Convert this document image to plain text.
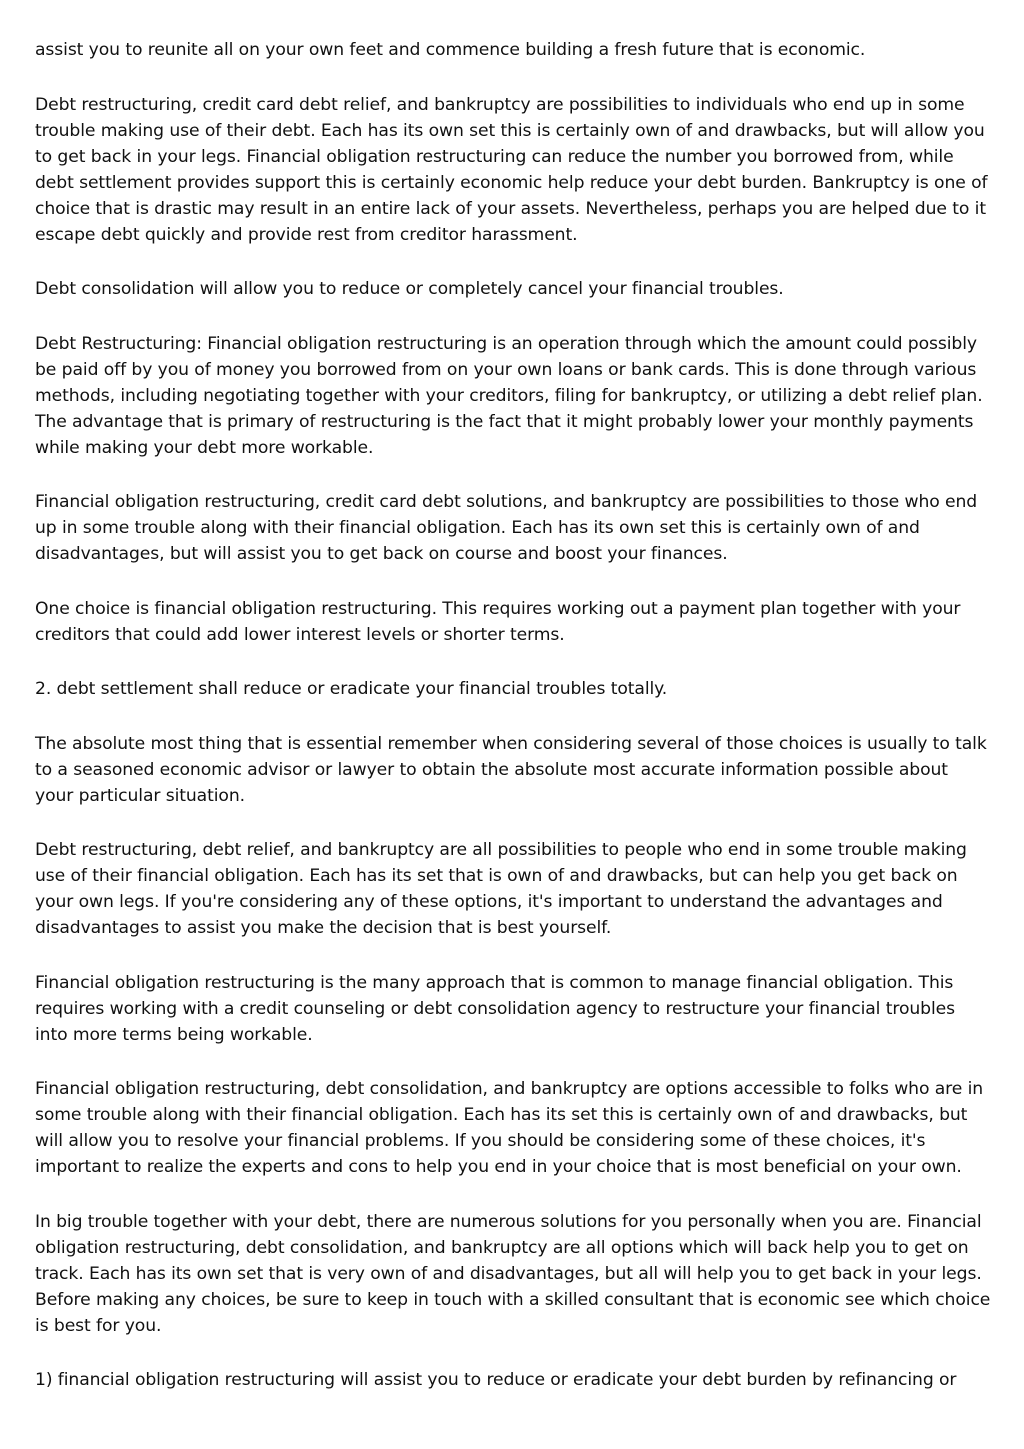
assist you to reunite all on your own feet and commence building a fresh future that is economic.

Debt restructuring, credit card debt relief, and bankruptcy are possibilities to individuals who end up in some trouble making use of their debt. Each has its own set this is certainly own of and drawbacks, but will allow you to get back in your legs. Financial obligation restructuring can reduce the number you borrowed from, while debt settlement provides support this is certainly economic help reduce your debt burden. Bankruptcy is one of choice that is drastic may result in an entire lack of your assets. Nevertheless, perhaps you are helped due to it escape debt quickly and provide rest from creditor harassment.

Debt consolidation will allow you to reduce or completely cancel your financial troubles.

Debt Restructuring: Financial obligation restructuring is an operation through which the amount could possibly be paid off by you of money you borrowed from on your own loans or bank cards. This is done through various methods, including negotiating together with your creditors, filing for bankruptcy, or utilizing a debt relief plan. The advantage that is primary of restructuring is the fact that it might probably lower your monthly payments while making your debt more workable.

Financial obligation restructuring, credit card debt solutions, and bankruptcy are possibilities to those who end up in some trouble along with their financial obligation. Each has its own set this is certainly own of and disadvantages, but will assist you to get back on course and boost your finances.

One choice is financial obligation restructuring. This requires working out a payment plan together with your creditors that could add lower interest levels or shorter terms.

2. debt settlement shall reduce or eradicate your financial troubles totally.

The absolute most thing that is essential remember when considering several of those choices is usually to talk to a seasoned economic advisor or lawyer to obtain the absolute most accurate information possible about your particular situation.

Debt restructuring, debt relief, and bankruptcy are all possibilities to people who end in some trouble making use of their financial obligation. Each has its set that is own of and drawbacks, but can help you get back on your own legs. If you're considering any of these options, it's important to understand the advantages and disadvantages to assist you make the decision that is best yourself.

Financial obligation restructuring is the many approach that is common to manage financial obligation. This requires working with a credit counseling or debt consolidation agency to restructure your financial troubles into more terms being workable.

Financial obligation restructuring, debt consolidation, and bankruptcy are options accessible to folks who are in some trouble along with their financial obligation. Each has its set this is certainly own of and drawbacks, but will allow you to resolve your financial problems. If you should be considering some of these choices, it's important to realize the experts and cons to help you end in your choice that is most beneficial on your own.

In big trouble together with your debt, there are numerous solutions for you personally when you are. Financial obligation restructuring, debt consolidation, and bankruptcy are all options which will back help you to get on track. Each has its own set that is very own of and disadvantages, but all will help you to get back in your legs. Before making any choices, be sure to keep in touch with a skilled consultant that is economic see which choice is best for you.

1) financial obligation restructuring will assist you to reduce or eradicate your debt burden by refinancing or
